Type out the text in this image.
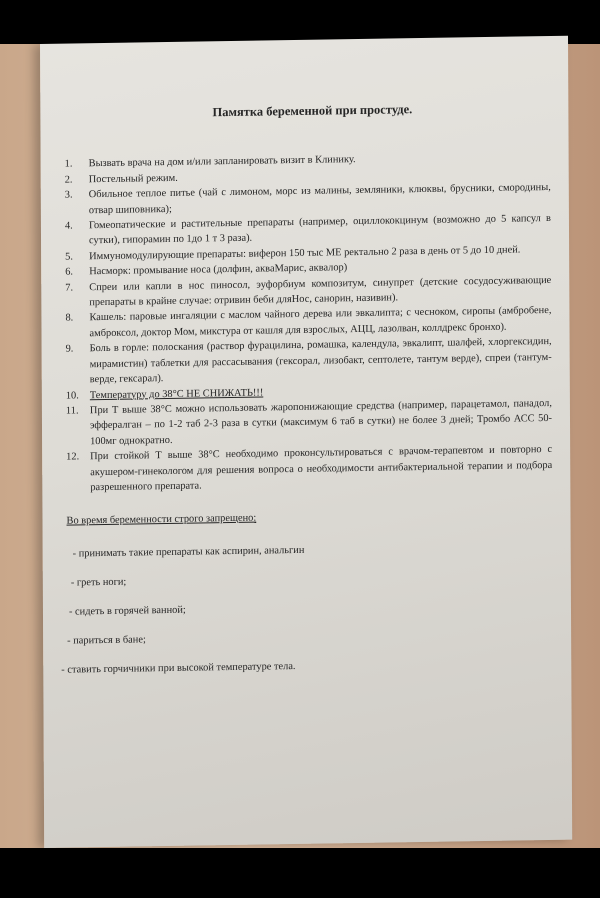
Памятка беременной при простуде.
1. Вызвать врача на дом и/или запланировать визит в Клинику.
2. Постельный режим.
3. Обильное теплое питье (чай с лимоном, морс из малины, земляники, клюквы, брусники, смородины, отвар шиповника);
4. Гомеопатические и растительные препараты (например, оциллококцинум (возможно до 5 капсул в сутки), гипорамин по 1до 1 т 3 раза).
5. Иммуномодулирующие препараты: виферон 150 тыс МЕ ректально 2 раза в день от 5 до 10 дней.
6. Насморк: промывание носа (долфин, аквaМарис, аквалор)
7. Спреи или капли в нос пиносол, эуфорбиум композитум, синупрет (детские сосудосуживающие препараты в крайне случае: отривин беби дляНос, санорин, називин).
8. Кашель: паровые ингаляции с маслом чайного дерева или эвкалипта; с чесноком, сиропы (амбробене, амброксол, доктор Мом, микстура от кашля для взрослых, АЦЦ, лазолван, коллдрекс бронхо).
9. Боль в горле: полоскания (раствор фурацилина, ромашка, календула, эвкалипт, шалфей, хлоргексидин, мирамистин) таблетки для рассасывания (гексорал, лизобакт, септолете, тантум верде), спреи (тантум-верде, гексарал).
10. Температуру до 38°С НЕ СНИЖАТЬ!!!
11. При Т выше 38°С можно использовать жаропонижающие средства (например, парацетамол, панадол, эффералган – по 1-2 таб 2-3 раза в сутки (максимум 6 таб в сутки) не более 3 дней; Тромбо АСС 50-100мг однократно.
12. При стойкой Т выше 38°С необходимо проконсультироваться с врачом-терапевтом и повторно с акушером-гинекологом для решения вопроса о необходимости антибактериальной терапии и подбора разрешенного препарата.
Во время беременности строго запрещено:
- принимать такие препараты как аспирин, анальгин
- греть ноги;
- сидеть в горячей ванной;
- париться в бане;
- ставить горчичники при высокой температуре тела.
